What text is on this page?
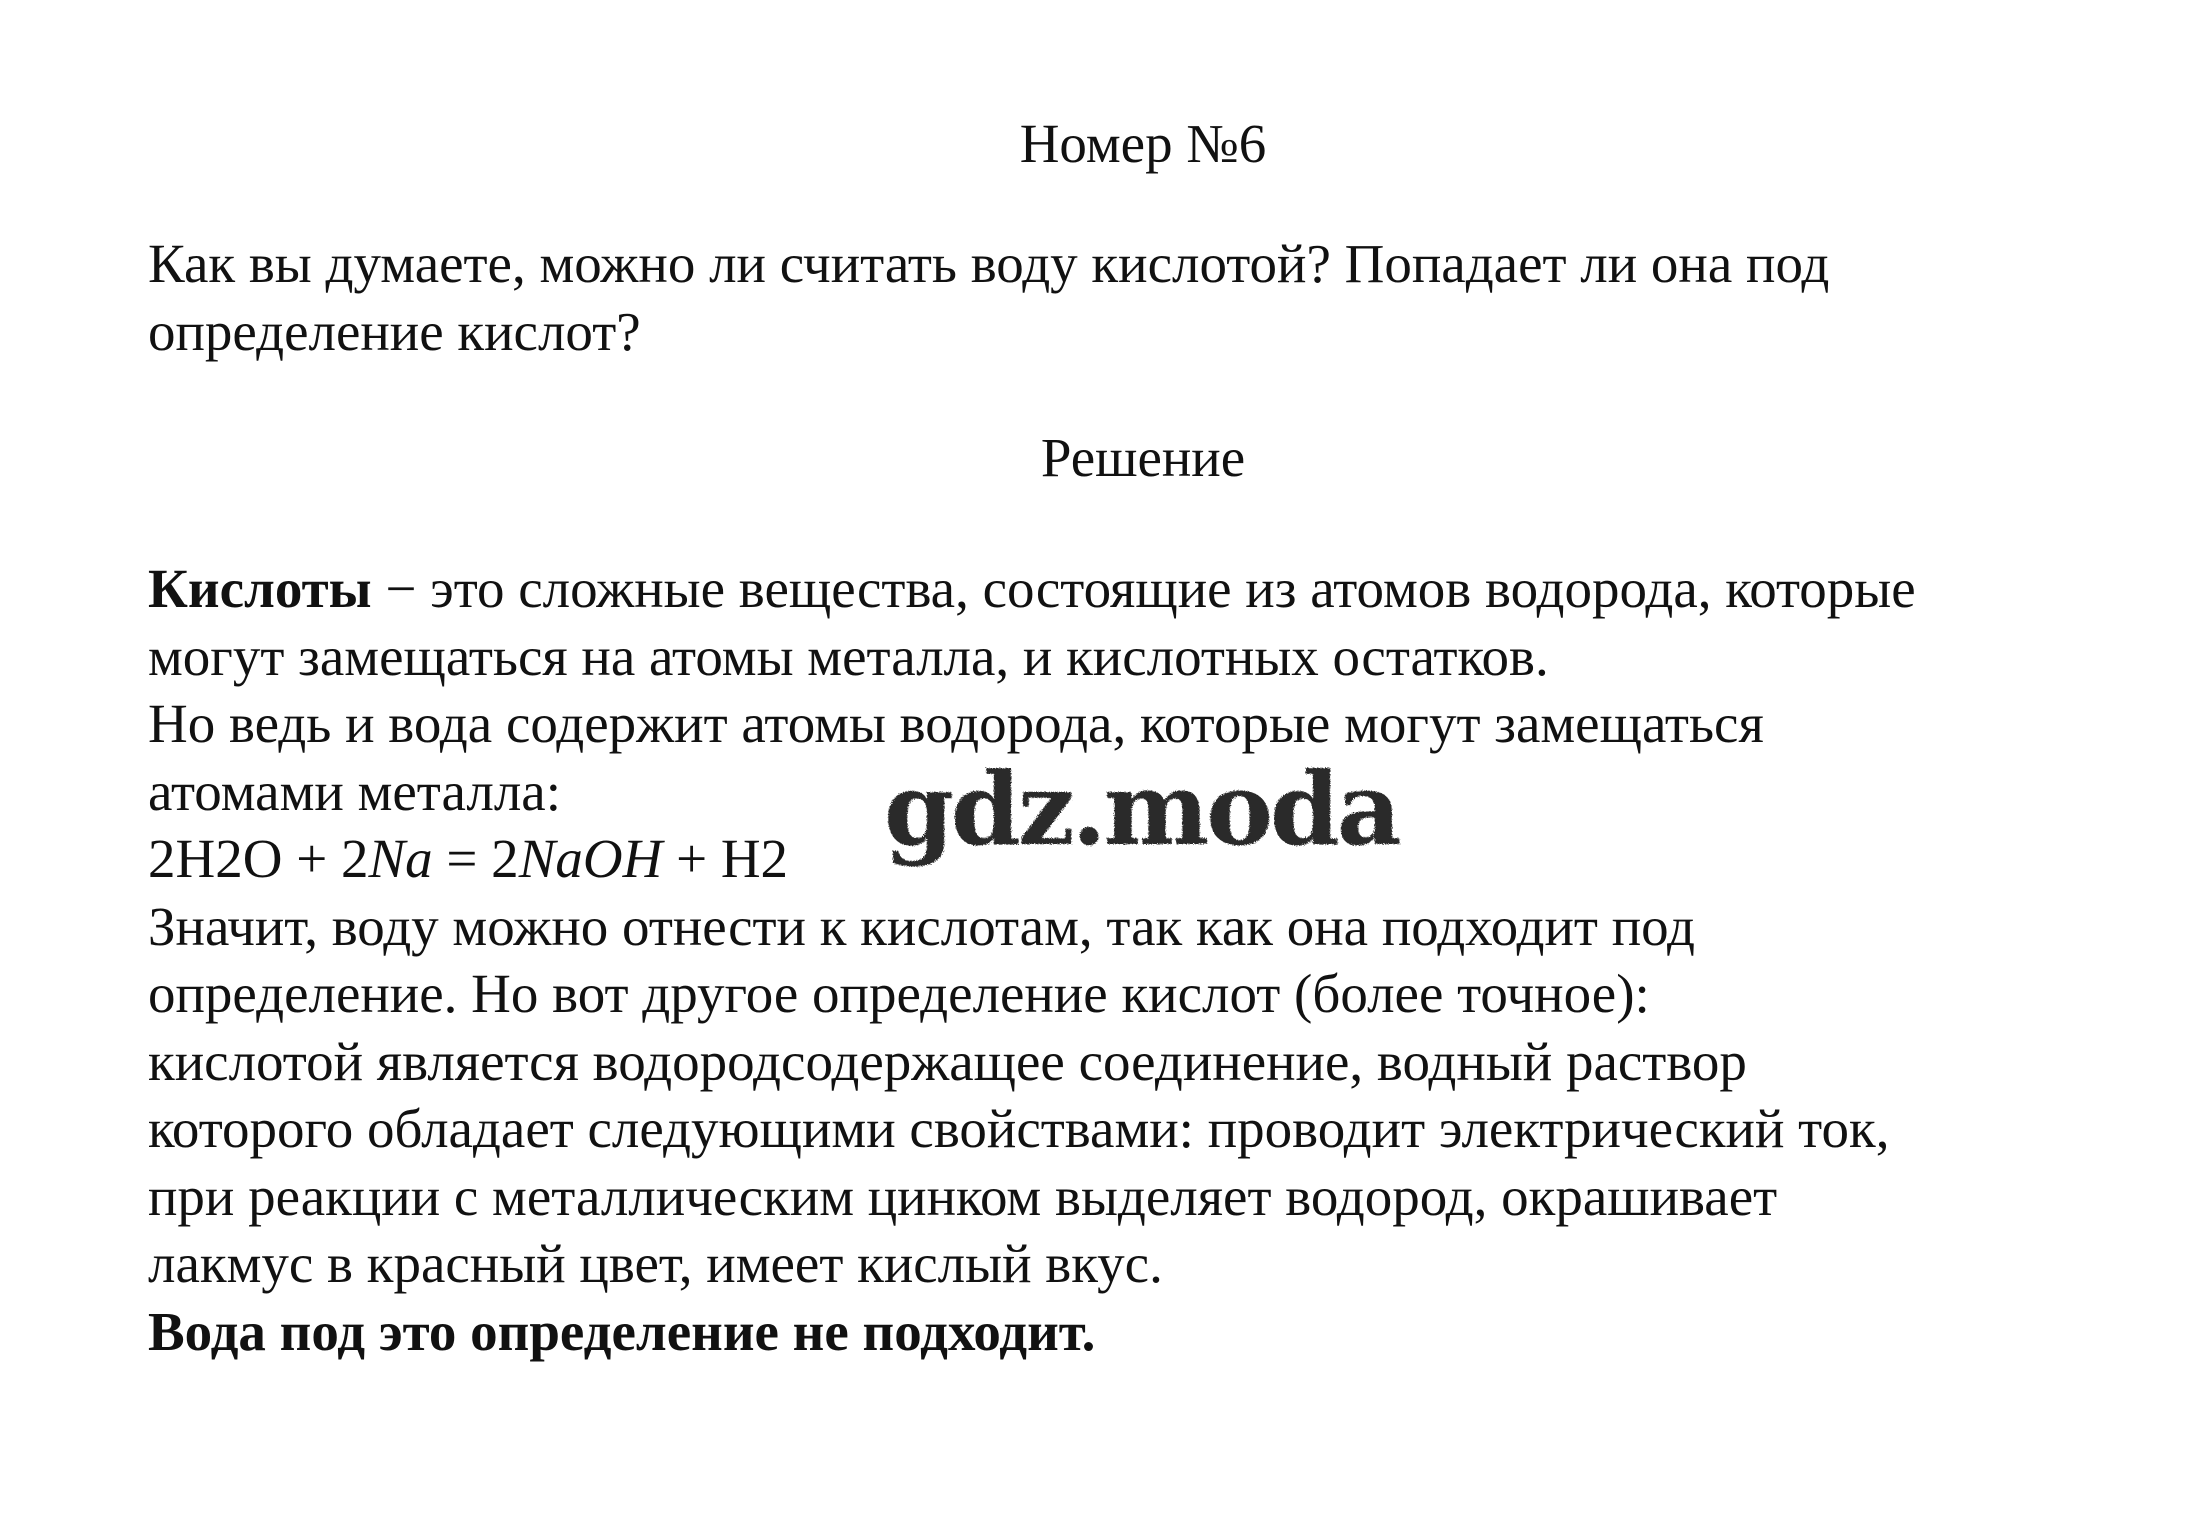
Номер №6
Как вы думаете, можно ли считать воду кислотой? Попадает ли она под
определение кислот?
Решение
Кислоты − это сложные вещества, состоящие из атомов водорода, которые
могут замещаться на атомы металла, и кислотных остатков.
Но ведь и вода содержит атомы водорода, которые могут замещаться
атомами металла:
2H2O + 2Na = 2NaOH + H2
Значит, воду можно отнести к кислотам, так как она подходит под
определение. Но вот другое определение кислот (более точное):
кислотой является водородсодержащее соединение, водный раствор
которого обладает следующими свойствами: проводит электрический ток,
при реакции с металлическим цинком выделяет водород, окрашивает
лакмус в красный цвет, имеет кислый вкус.
Вода под это определение не подходит.
gdz.moda
